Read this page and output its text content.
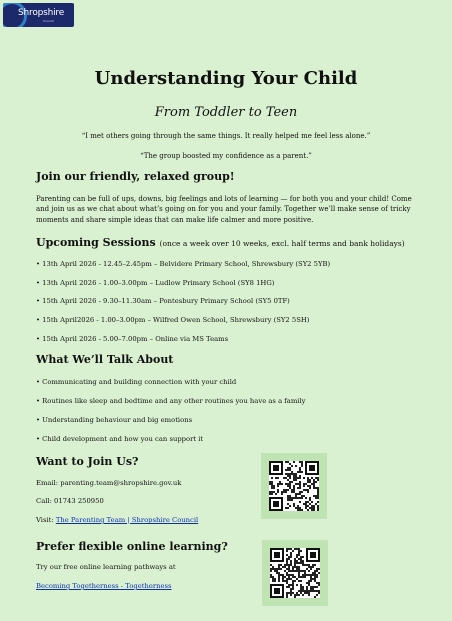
Shropshire
Council
Understanding Your Child
From Toddler to Teen
“I met others going through the same things. It really helped me feel less alone.”
“The group boosted my confidence as a parent.”
Join our friendly, relaxed group!
Parenting can be full of ups, downs, big feelings and lots of learning — for both you and your child! Come and join us as we chat about what’s going on for you and your family. Together we’ll make sense of tricky moments and share simple ideas that can make life calmer and more positive.
Upcoming Sessions (once a week over 10 weeks, excl. half terms and bank holidays)
• 13th April 2026 - 12.45–2.45pm – Belvidere Primary School, Shrewsbury (SY2 5YB)
• 13th April 2026 - 1.00–3.00pm – Ludlow Primary School (SY8 1HG)
• 15th April 2026 - 9.30–11.30am – Pontesbury Primary School (SY5 0TF)
• 15th April2026 - 1.00–3.00pm – Wilfred Owen School, Shrewsbury (SY2 5SH)
• 15th April 2026 - 5.00–7.00pm – Online via MS Teams
What We’ll Talk About
• Communicating and building connection with your child
• Routines like sleep and bedtime and any other routines you have as a family
• Understanding behaviour and big emotions
• Child development and how you can support it
Want to Join Us?
Email: parenting.team@shropshire.gov.uk
Call: 01743 250950
Visit: The Parenting Team | Shropshire Council
Prefer flexible online learning?
Try our free online learning pathways at
Becoming Togetherness - Togetherness
